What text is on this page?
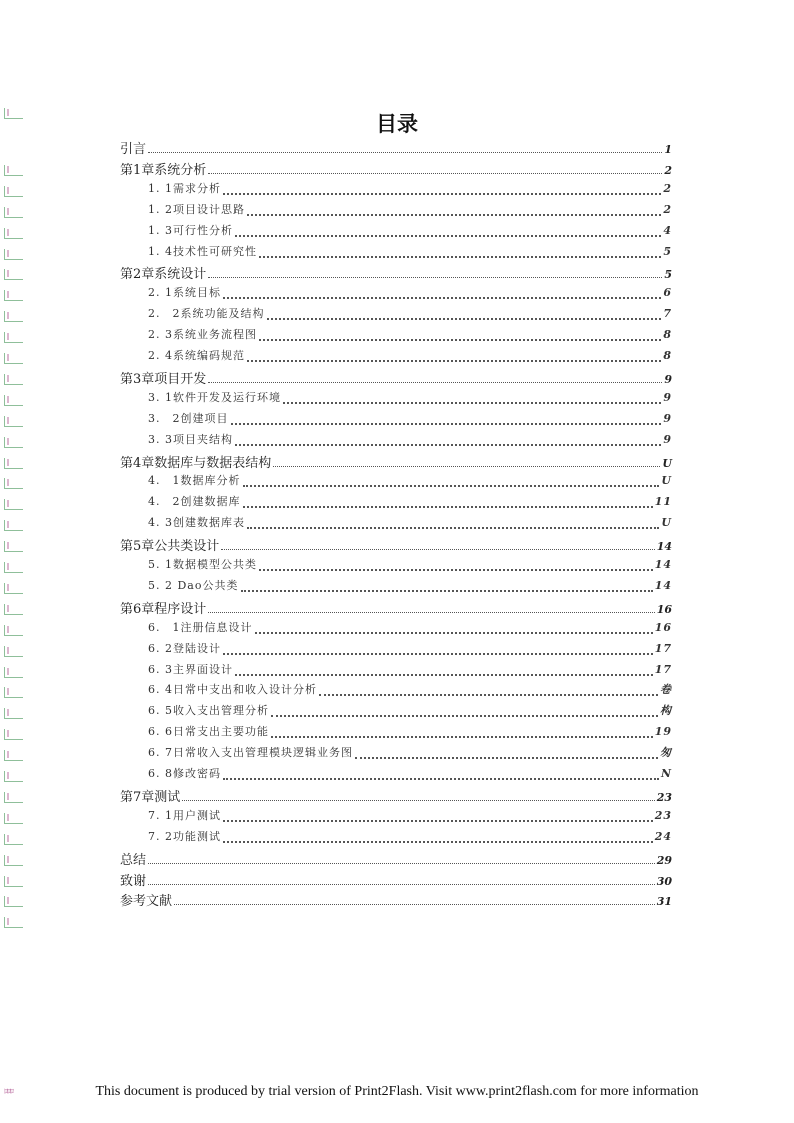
目录
引言	1
第1章系统分析	2
1. 1需求分析	2
1. 2项目设计思路	2
1. 3可行性分析	4
1. 4技术性可研究性	5
第2章系统设计	5
2. 1系统目标	6
2.　2系统功能及结构	7
2. 3系统业务流程图	8
2. 4系统编码规范	8
第3章项目开发	9
3. 1软件开发及运行环境	9
3.　2创建项目	9
3. 3项目夹结构	9
第4章数据库与数据表结构	U
4.　1数据库分析	U
4.　2创建数据库	11
4. 3创建数据库表	U
第5章公共类设计	14
5. 1数据模型公共类	14
5. 2 Dao公共类	14
第6章程序设计	16
6.　1注册信息设计	16
6. 2登陆设计	17
6. 3主界面设计	17
6. 4日常中支出和收入设计分析	卷
6. 5收入支出管理分析	构
6. 6日常支出主要功能	19
6. 7日常收入支出管理模块逻辑业务图	匆
6. 8修改密码	N
第7章测试	23
7. 1用户测试	23
7. 2功能测试	24
总结	29
致谢	30
参考文献	31
ﾛﾛﾛ	This document is produced by trial version of Print2Flash. Visit www.print2flash.com for more information
